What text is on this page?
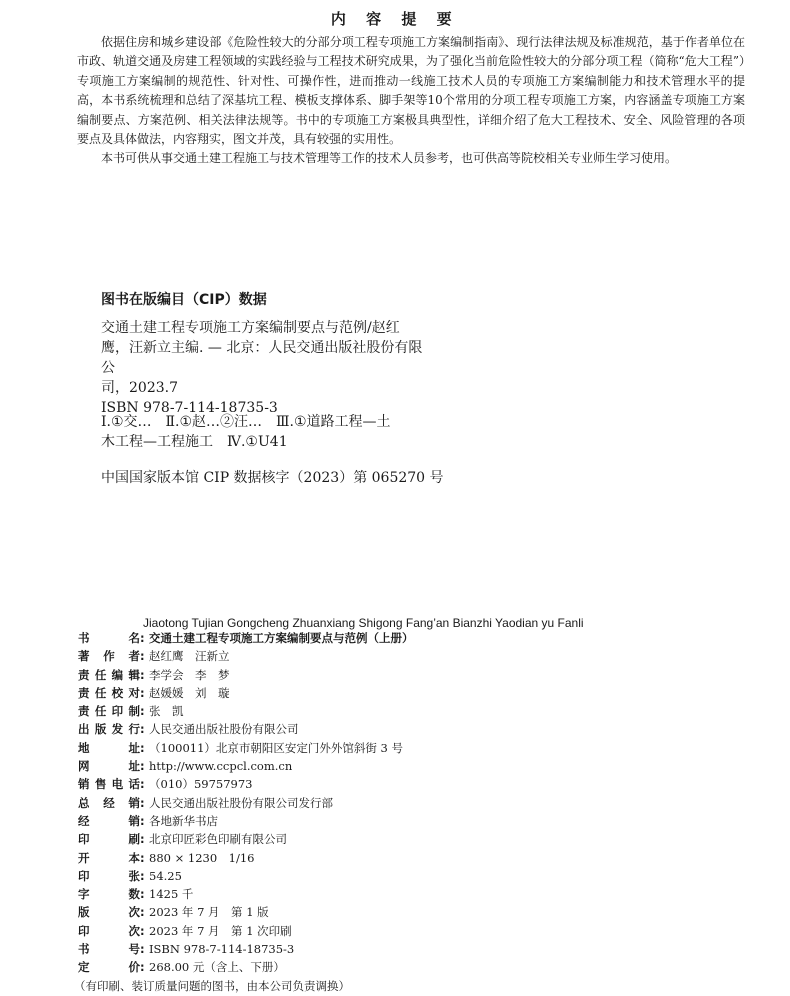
内 容 提 要

依据住房和城乡建设部《危险性较大的分部分项工程专项施工方案编制指南》、现行法律法规及标准规范，基于作者单位在市政、轨道交通及房建工程领域的实践经验与工程技术研究成果，为了强化当前危险性较大的分部分项工程（简称“危大工程”）专项施工方案编制的规范性、针对性、可操作性，进而推动一线施工技术人员的专项施工方案编制能力和技术管理水平的提高，本书系统梳理和总结了深基坑工程、模板支撑体系、脚手架等10个常用的分项工程专项施工方案，内容涵盖专项施工方案编制要点、方案范例、相关法律法规等。书中的专项施工方案极具典型性，详细介绍了危大工程技术、安全、风险管理的各项要点及具体做法，内容翔实，图文并茂，具有较强的实用性。

本书可供从事交通土建工程施工与技术管理等工作的技术人员参考，也可供高等院校相关专业师生学习使用。

图书在版编目（CIP）数据

交通土建工程专项施工方案编制要点与范例/赵红

鹰，汪新立主编. — 北京：人民交通出版社股份有限公

司，2023.7

ISBN 978-7-114-18735-3

Ⅰ.①交…　Ⅱ.①赵…②汪…　Ⅲ.①道路工程—土

木工程—工程施工　Ⅳ.①U41

中国国家版本馆 CIP 数据核字（2023）第 065270 号
Jiaotong Tujian Gongcheng Zhuanxiang Shigong Fang’an Bianzhi Yaodian yu Fanli
书名 : 交通土建工程专项施工方案编制要点与范例（上册）
著作者 : 赵红鹰　汪新立
责任编辑 : 李学会　李　梦
责任校对 : 赵媛媛　刘　璇
责任印制 : 张　凯
出版发行 : 人民交通出版社股份有限公司
地址 : （100011）北京市朝阳区安定门外外馆斜街 3 号
网址 : http://www.ccpcl.com.cn
销售电话 : （010）59757973
总经销 : 人民交通出版社股份有限公司发行部
经销 : 各地新华书店
印刷 : 北京印匠彩色印刷有限公司
开本 : 880 × 1230　1/16
印张 : 54.25
字数 : 1425 千
版次 : 2023 年 7 月　第 1 版
印次 : 2023 年 7 月　第 1 次印刷
书号 : ISBN 978-7-114-18735-3
定价 : 268.00 元（含上、下册）
（有印刷、装订质量问题的图书，由本公司负责调换）
